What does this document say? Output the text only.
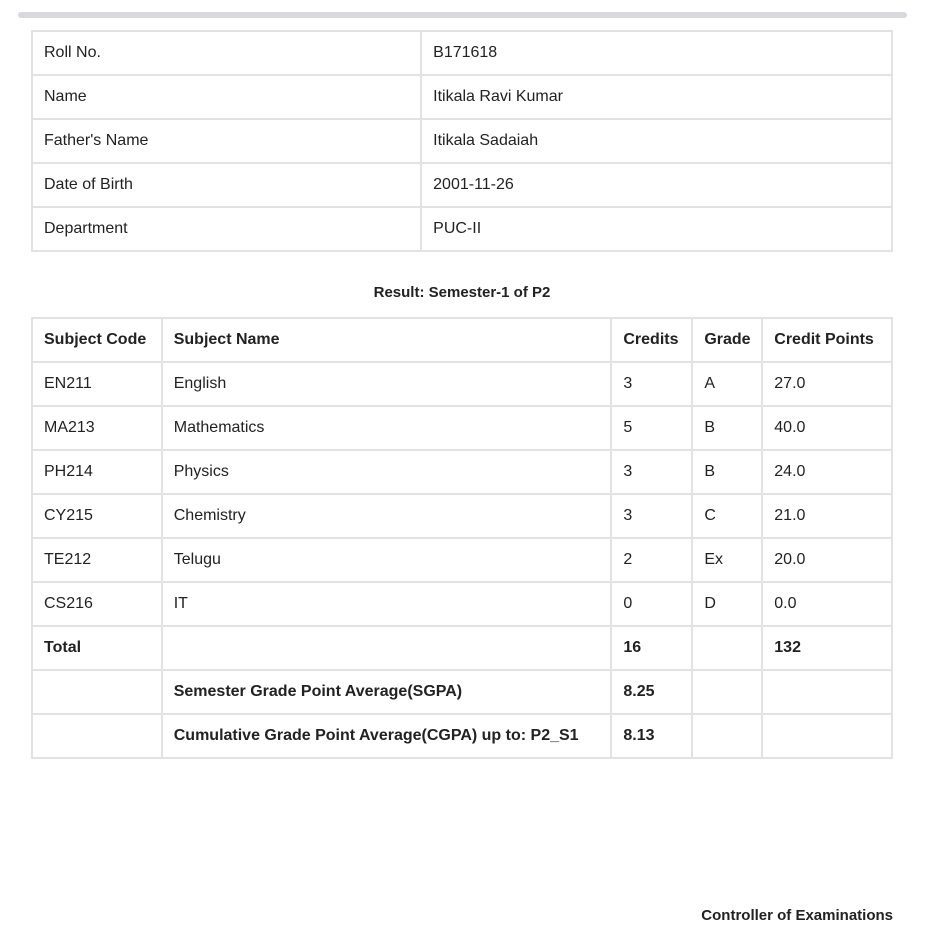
Roll No.	B171618
Name	Itikala Ravi Kumar
Father's Name	Itikala Sadaiah
Date of Birth	2001-11-26
Department	PUC-II
Result: Semester-1 of P2
Subject Code	Subject Name	Credits	Grade	Credit Points
EN211	English	3	A	27.0
MA213	Mathematics	5	B	40.0
PH214	Physics	3	B	24.0
CY215	Chemistry	3	C	21.0
TE212	Telugu	2	Ex	20.0
CS216	IT	0	D	0.0
Total		16		132
	Semester Grade Point Average(SGPA)	8.25		
	Cumulative Grade Point Average(CGPA) up to: P2_S1	8.13		
Controller of Examinations
